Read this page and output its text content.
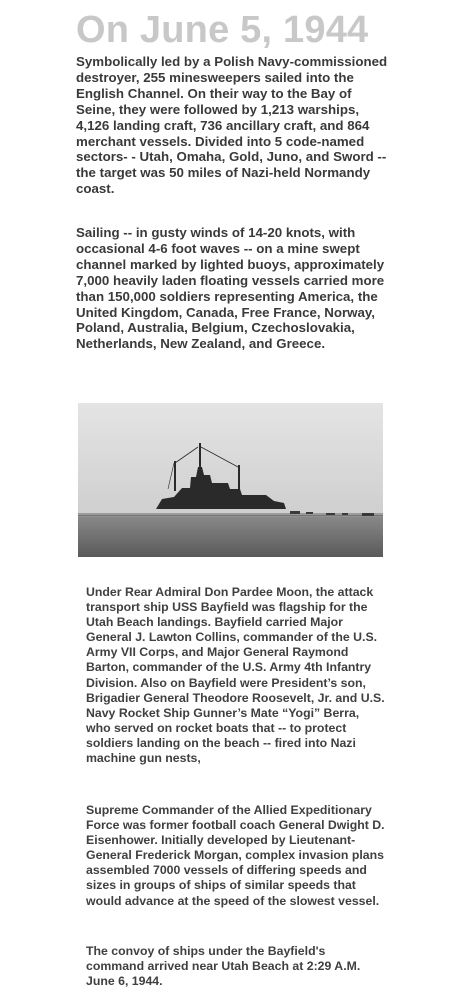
On June 5, 1944

Symbolically led by a Polish Navy-commissioned destroyer, 255 minesweepers sailed into the English Channel. On their way to the Bay of Seine, they were followed by 1,213 warships, 4,126 landing craft, 736 ancillary craft, and 864 merchant vessels. Divided into 5 code-named sectors- - Utah, Omaha, Gold, Juno, and Sword -- the target was 50 miles of Nazi-held Normandy coast.

Sailing -- in gusty winds of 14-20 knots, with occasional 4-6 foot waves -- on a mine swept channel marked by lighted buoys, approximately 7,000 heavily laden floating vessels carried more than 150,000 soldiers representing America, the United Kingdom, Canada, Free France, Norway, Poland, Australia, Belgium, Czechoslovakia, Netherlands, New Zealand, and Greece.

Under Rear Admiral Don Pardee Moon, the attack transport ship USS Bayfield was flagship for the Utah Beach landings. Bayfield carried Major General J. Lawton Collins, commander of the U.S. Army VII Corps, and Major General Raymond Barton, commander of the U.S. Army 4th Infantry Division. Also on Bayfield were President’s son, Brigadier General Theodore Roosevelt, Jr. and U.S. Navy Rocket Ship Gunner’s Mate “Yogi” Berra, who served on rocket boats that -- to protect soldiers landing on the beach -- fired into Nazi machine gun nests,

Supreme Commander of the Allied Expeditionary Force was former football coach General Dwight D. Eisenhower. Initially developed by Lieutenant-General Frederick Morgan, complex invasion plans assembled 7000 vessels of differing speeds and sizes in groups of ships of similar speeds that would advance at the speed of the slowest vessel.

The convoy of ships under the Bayfield's command arrived near Utah Beach at 2:29 A.M. June 6, 1944.
